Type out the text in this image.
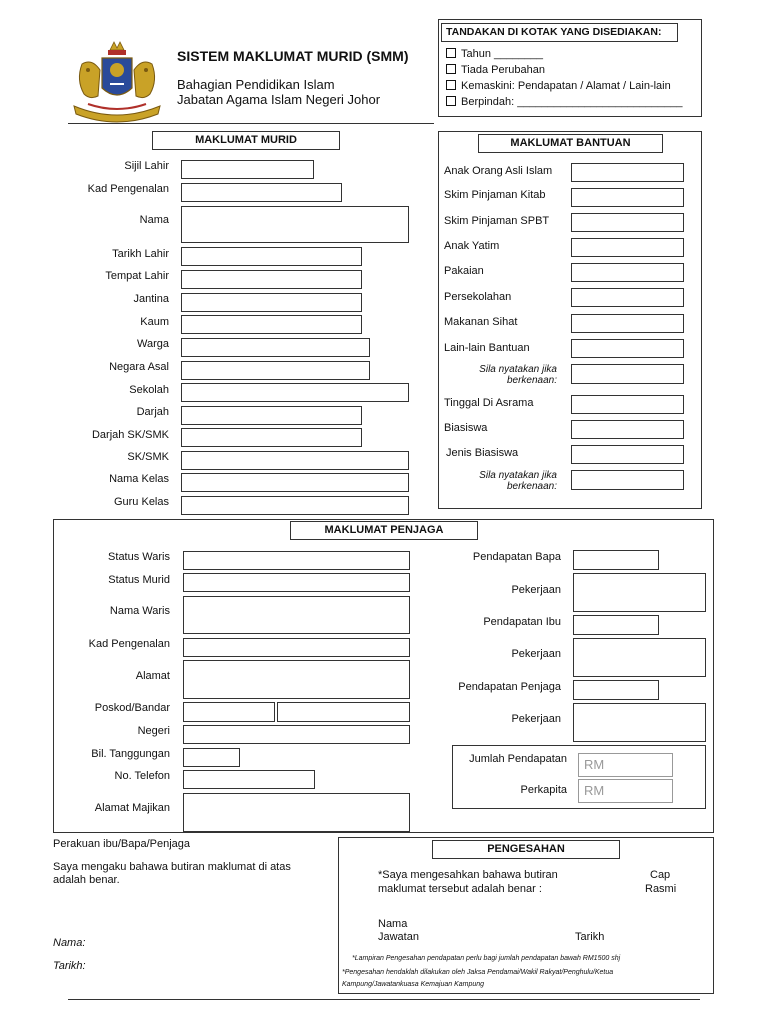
SISTEM MAKLUMAT MURID (SMM)
Bahagian Pendidikan Islam
Jabatan Agama Islam Negeri Johor
TANDAKAN DI KOTAK YANG DISEDIAKAN:
Tahun ________
Tiada Perubahan
Kemaskini: Pendapatan / Alamat / Lain-lain
Berpindah: ___________________________
MAKLUMAT MURID
Sijil Lahir
Kad Pengenalan
Nama
Tarikh Lahir
Tempat Lahir
Jantina
Kaum
Warga
Negara Asal
Sekolah
Darjah
Darjah SK/SMK
SK/SMK
Nama Kelas
Guru Kelas
MAKLUMAT BANTUAN
Anak Orang Asli Islam
Skim Pinjaman Kitab
Skim Pinjaman SPBT
Anak Yatim
Pakaian
Persekolahan
Makanan Sihat
Lain-lain Bantuan
Sila nyatakan jika
berkenaan:
Tinggal Di Asrama
Biasiswa
Jenis Biasiswa
Sila nyatakan jika
berkenaan:
MAKLUMAT PENJAGA
Status Waris
Status Murid
Nama Waris
Kad Pengenalan
Alamat
Poskod/Bandar
Negeri
Bil. Tanggungan
No. Telefon
Alamat Majikan
Pendapatan Bapa
Pekerjaan
Pendapatan Ibu
Pekerjaan
Pendapatan Penjaga
Pekerjaan
Jumlah Pendapatan	RM
Perkapita	RM
Perakuan ibu/Bapa/Penjaga
Saya mengaku bahawa butiran maklumat di atas
adalah benar.
Nama:
Tarikh:
PENGESAHAN
*Saya mengesahkan bahawa butiran
maklumat tersebut adalah benar :
Cap
Rasmi
Nama
Jawatan	Tarikh
*Lampiran Pengesahan pendapatan perlu bagi jumlah pendapatan bawah RM1500 shj
*Pengesahan hendaklah dilakukan oleh Jaksa Pendamai/Wakil Rakyat/Penghulu/Ketua
Kampung/Jawatankuasa Kemajuan Kampung
